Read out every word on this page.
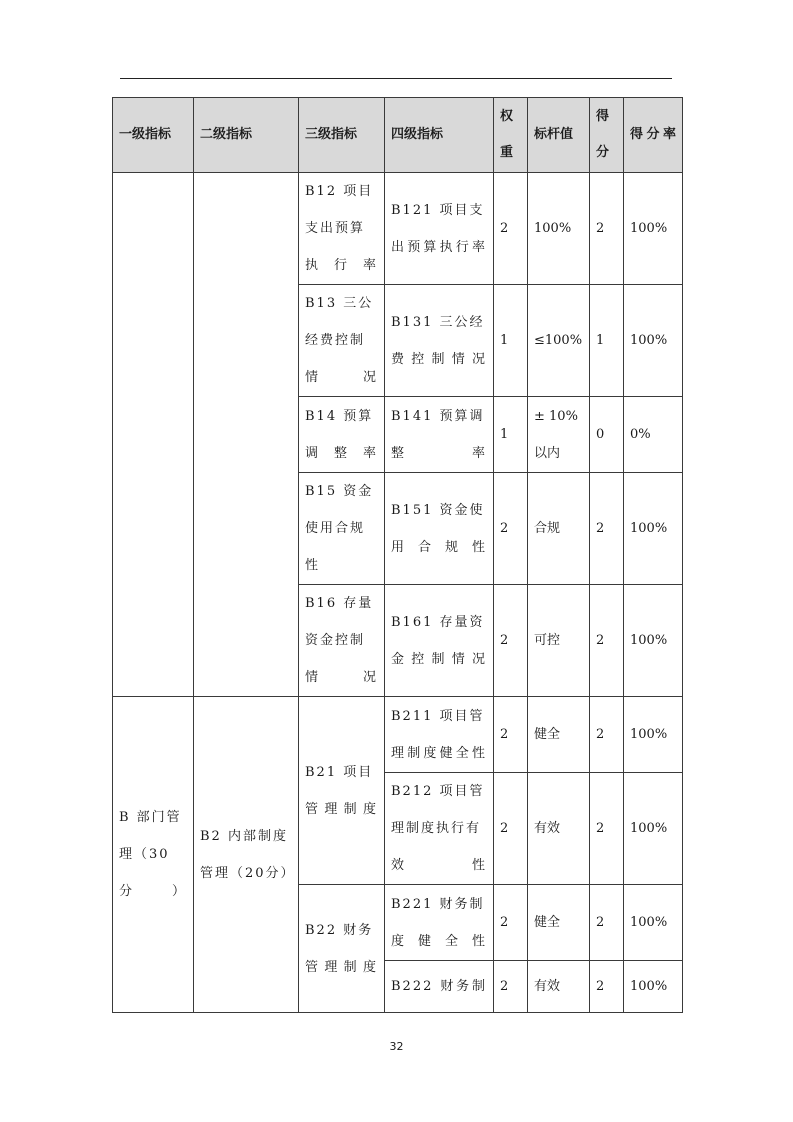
一级指标	二级指标	三级指标	四级指标	权重	标杆值	得分	得分率
		B12 项目支出预算执行率	B121 项目支出预算执行率	2	100%	2	100%
		B13 三公经费控制情况	B131 三公经费控制情况	1	≤100%	1	100%
		B14 预算调整率	B141 预算调整率	1	± 10% 以内	0	0%
		B15 资金使用合规性	B151 资金使用合规性	2	合规	2	100%
		B16 存量资金控制情况	B161 存量资金控制情况	2	可控	2	100%
B 部门管理（30分）	B2 内部制度管理（20分）	B21 项目管理制度	B211 项目管理制度健全性	2	健全	2	100%
			B212 项目管理制度执行有效性	2	有效	2	100%
		B22 财务管理制度	B221 财务制度健全性	2	健全	2	100%
			B222 财务制	2	有效	2	100%
32
